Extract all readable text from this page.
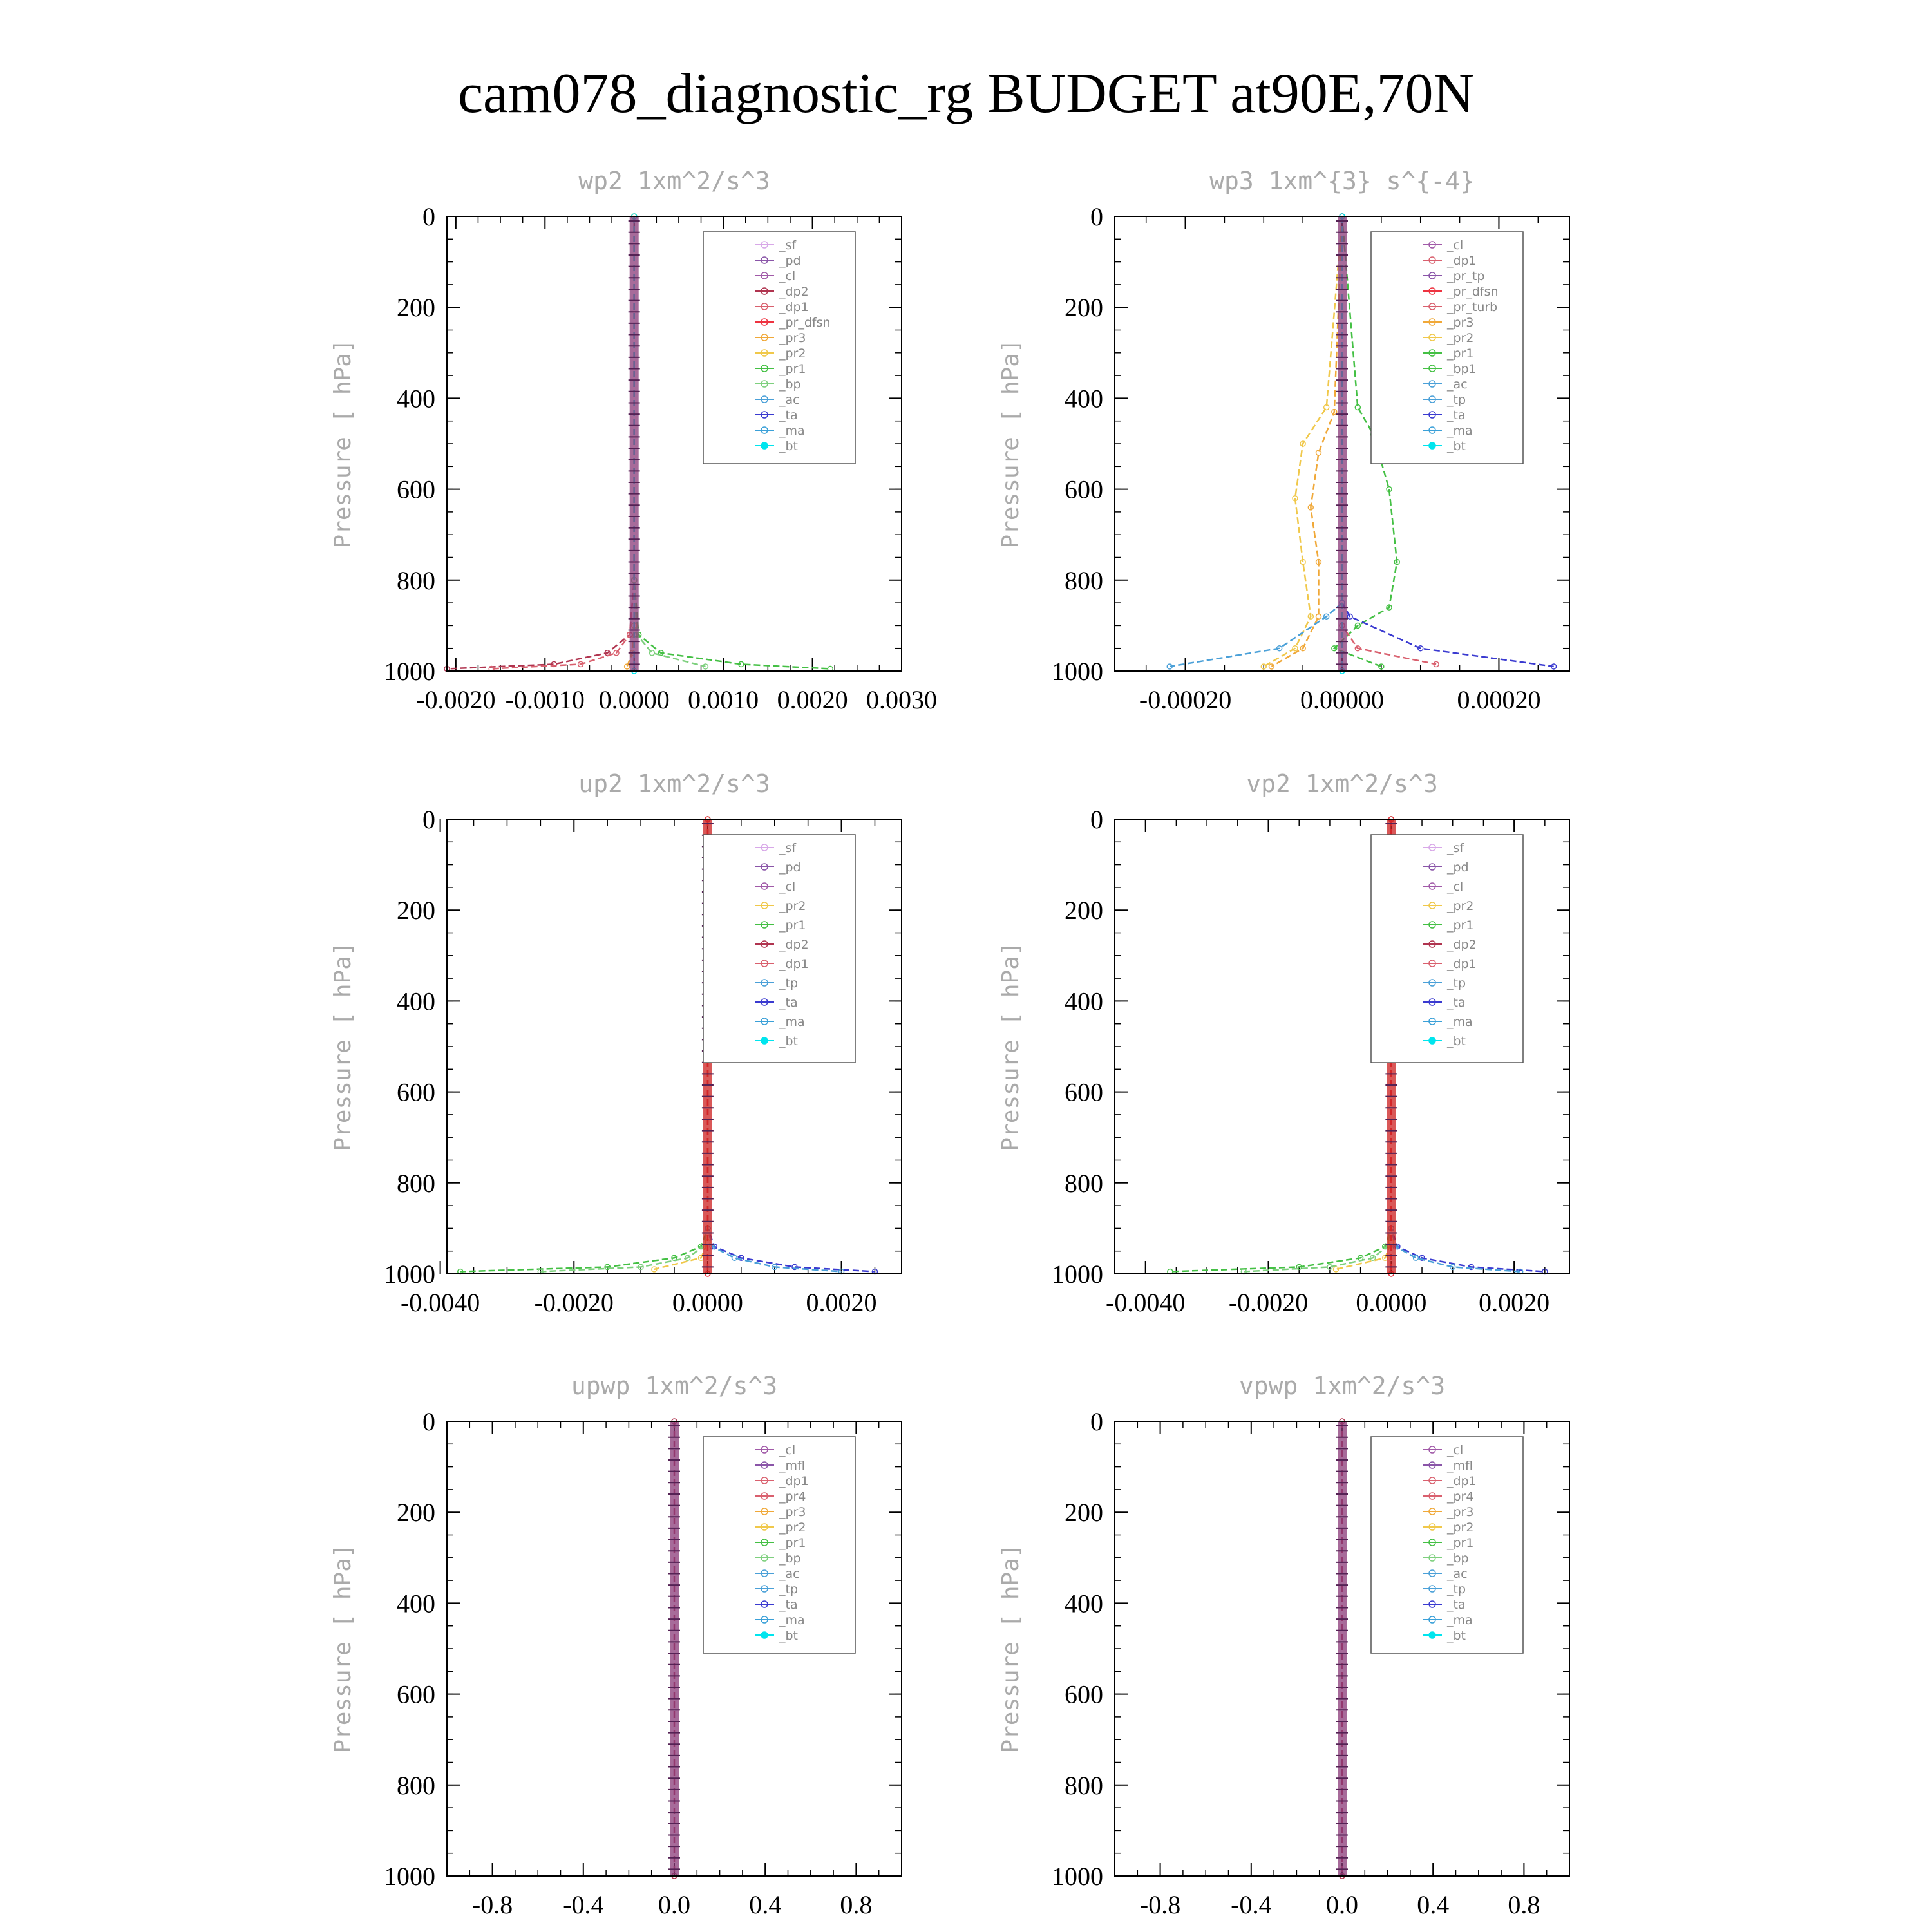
cam078_diagnostic_rg BUDGET at90E,70N
wp2 1xm^2/s^3
Pressure [ hPa]
0
200
400
600
800
1000
-0.0020 -0.0010 0.0000 0.0010 0.0020 0.0030
_sf
_pd
_cl
_dp2
_dp1
_pr_dfsn
_pr3
_pr2
_pr1
_bp
_ac
_ta
_ma
_bt
wp3 1xm^{3} s^{-4}
Pressure [ hPa]
0
200
400
600
800
1000
-0.00020	0.00000	0.00020
_cl
_dp1
_pr_tp
_pr_dfsn
_pr_turb
_pr3
_pr2
_pr1
_bp1
_ac
_tp
_ta
_ma
_bt
up2 1xm^2/s^3
Pressure [ hPa]
0
200
400
600
800
1000
-0.0040 -0.0020 0.0000 0.0020
_sf
_pd
_cl
_pr2
_pr1
_dp2
_dp1
_tp
_ta
_ma
_bt
vp2 1xm^2/s^3
Pressure [ hPa]
0
200
400
600
800
1000
-0.0040 -0.0020 0.0000 0.0020
_sf
_pd
_cl
_pr2
_pr1
_dp2
_dp1
_tp
_ta
_ma
_bt
upwp 1xm^2/s^3
Pressure [ hPa]
0
200
400
600
800
1000
-0.8 -0.4 0.0 0.4 0.8
_cl
_mfl
_dp1
_pr4
_pr3
_pr2
_pr1
_bp
_ac
_tp
_ta
_ma
_bt
vpwp 1xm^2/s^3
Pressure [ hPa]
0
200
400
600
800
1000
-0.8 -0.4 0.0 0.4 0.8
_cl
_mfl
_dp1
_pr4
_pr3
_pr2
_pr1
_bp
_ac
_tp
_ta
_ma
_bt
